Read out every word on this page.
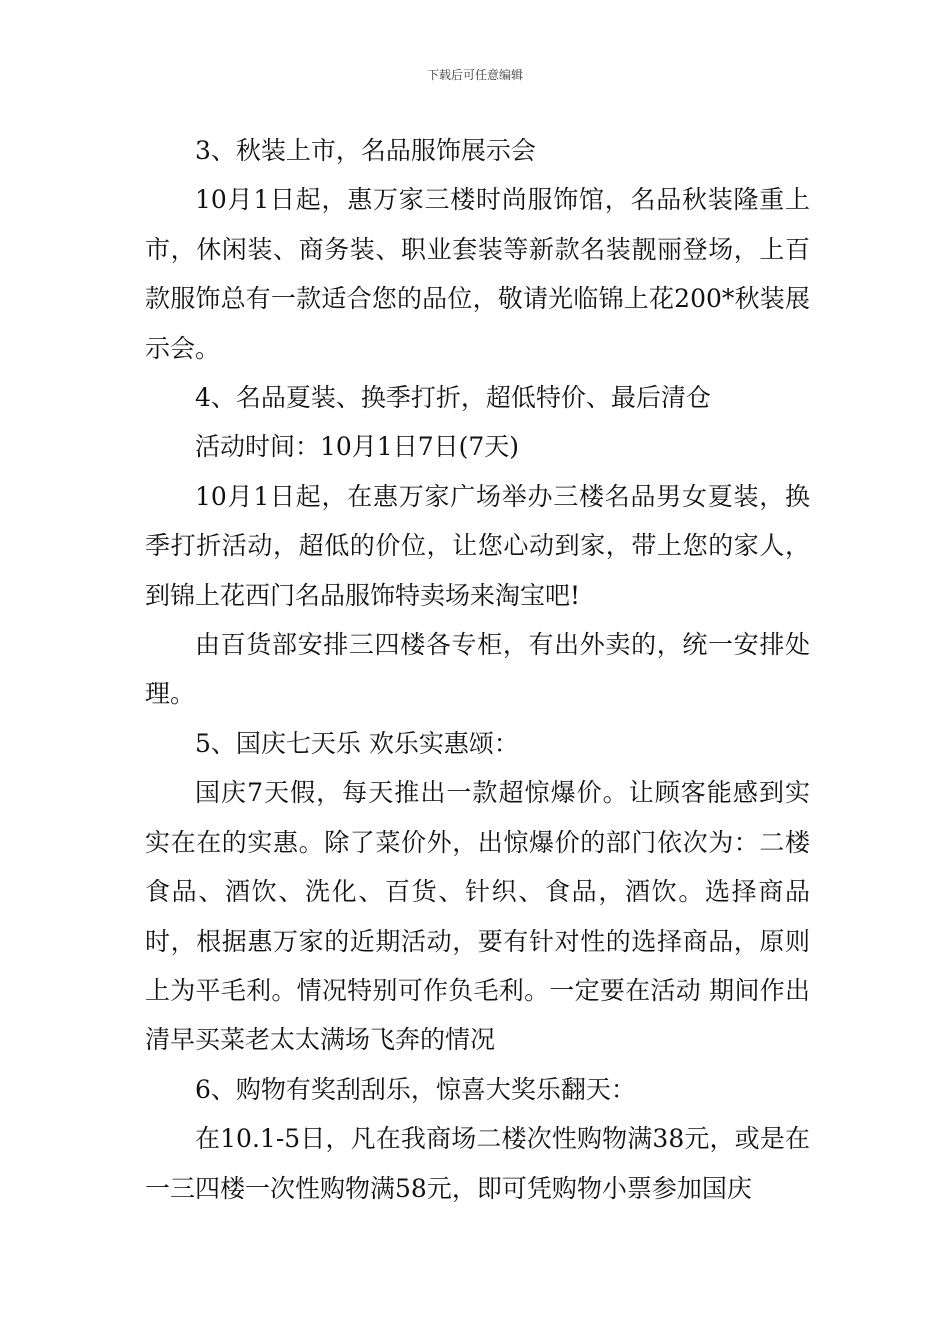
下载后可任意编辑

3、秋装上市，名品服饰展示会

10月1日起，惠万家三楼时尚服饰馆，名品秋装隆重上市，休闲装、商务装、职业套装等新款名装靓丽登场，上百款服饰总有一款适合您的品位，敬请光临锦上花200*秋装展示会。

4、名品夏装、换季打折，超低特价、最后清仓

活动时间：10月1日7日(7天)

10月1日起，在惠万家广场举办三楼名品男女夏装，换季打折活动，超低的价位，让您心动到家，带上您的家人，到锦上花西门名品服饰特卖场来淘宝吧!

由百货部安排三四楼各专柜，有出外卖的，统一安排处理。

5、国庆七天乐 欢乐实惠颂：

国庆7天假，每天推出一款超惊爆价。让顾客能感到实实在在的实惠。除了菜价外，出惊爆价的部门依次为：二楼食品、酒饮、洗化、百货、针织、食品，酒饮。选择商品时，根据惠万家的近期活动，要有针对性的选择商品，原则上为平毛利。情况特别可作负毛利。一定要在活动 期间作出清早买菜老太太满场飞奔的情况

6、购物有奖刮刮乐，惊喜大奖乐翻天：

在10.1-5日，凡在我商场二楼次性购物满38元，或是在一三四楼一次性购物满58元，即可凭购物小票参加国庆
